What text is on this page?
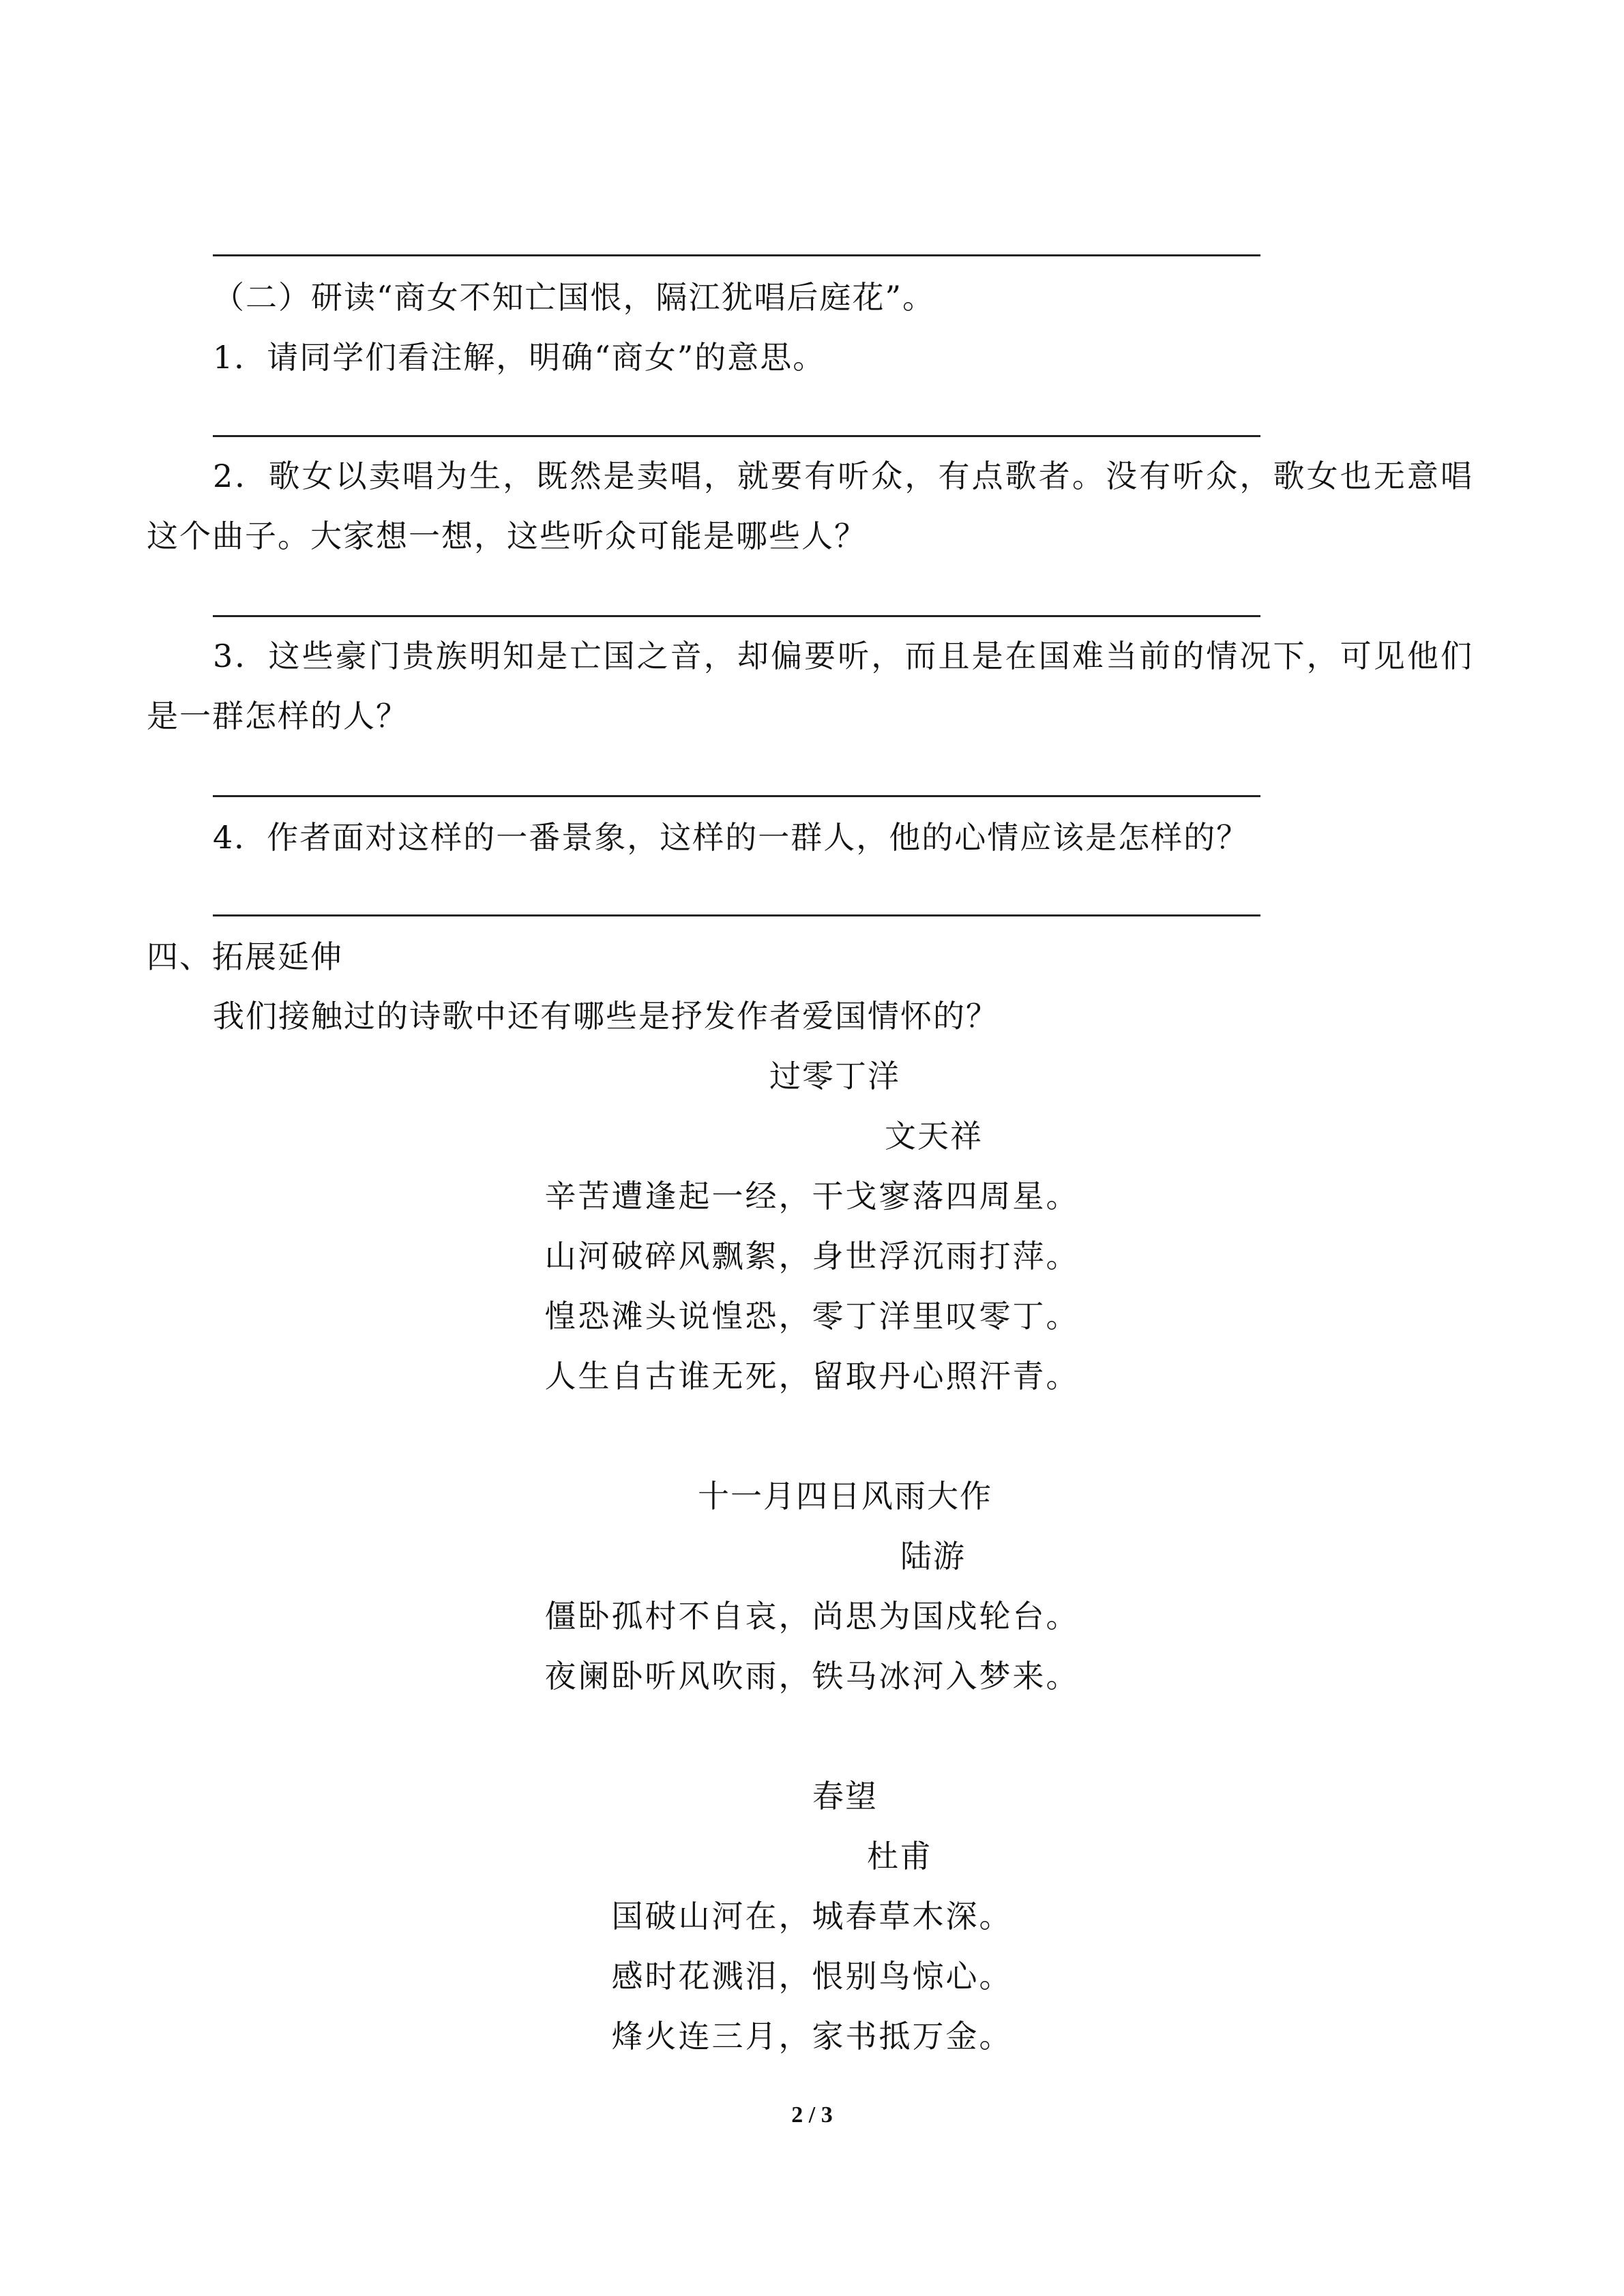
（二）研读“商女不知亡国恨，隔江犹唱后庭花”。
1．请同学们看注解，明确“商女”的意思。
2．歌女以卖唱为生，既然是卖唱，就要有听众，有点歌者。没有听众，歌女也无意唱这个曲子。大家想一想，这些听众可能是哪些人？
3．这些豪门贵族明知是亡国之音，却偏要听，而且是在国难当前的情况下，可见他们是一群怎样的人？
4．作者面对这样的一番景象，这样的一群人，他的心情应该是怎样的？
四、拓展延伸
我们接触过的诗歌中还有哪些是抒发作者爱国情怀的？
过零丁洋
文天祥
辛苦遭逢起一经，干戈寥落四周星。
山河破碎风飘絮，身世浮沉雨打萍。
惶恐滩头说惶恐，零丁洋里叹零丁。
人生自古谁无死，留取丹心照汗青。
十一月四日风雨大作
陆游
僵卧孤村不自哀，尚思为国戍轮台。
夜阑卧听风吹雨，铁马冰河入梦来。
春望
杜甫
国破山河在，城春草木深。
感时花溅泪，恨别鸟惊心。
烽火连三月，家书抵万金。
2 / 3
